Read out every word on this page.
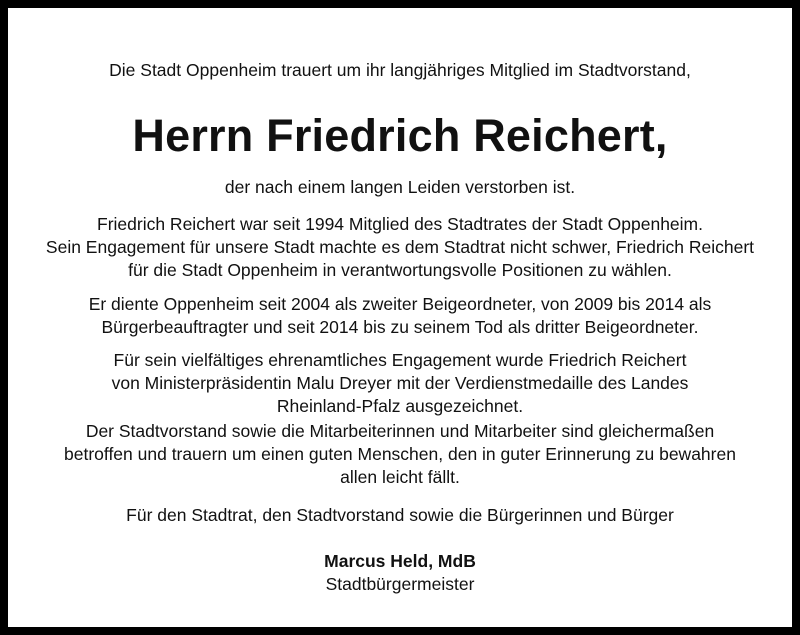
Die Stadt Oppenheim trauert um ihr langjähriges Mitglied im Stadtvorstand,

Herrn Friedrich Reichert,

der nach einem langen Leiden verstorben ist.

Friedrich Reichert war seit 1994 Mitglied des Stadtrates der Stadt Oppenheim.
Sein Engagement für unsere Stadt machte es dem Stadtrat nicht schwer, Friedrich Reichert
für die Stadt Oppenheim in verantwortungsvolle Positionen zu wählen.

Er diente Oppenheim seit 2004 als zweiter Beigeordneter, von 2009 bis 2014 als
Bürgerbeauftragter und seit 2014 bis zu seinem Tod als dritter Beigeordneter.

Für sein vielfältiges ehrenamtliches Engagement wurde Friedrich Reichert
von Ministerpräsidentin Malu Dreyer mit der Verdienstmedaille des Landes
Rheinland-Pfalz ausgezeichnet.

Der Stadtvorstand sowie die Mitarbeiterinnen und Mitarbeiter sind gleichermaßen
betroffen und trauern um einen guten Menschen, den in guter Erinnerung zu bewahren
allen leicht fällt.

Für den Stadtrat, den Stadtvorstand sowie die Bürgerinnen und Bürger

Marcus Held, MdB

Stadtbürgermeister
